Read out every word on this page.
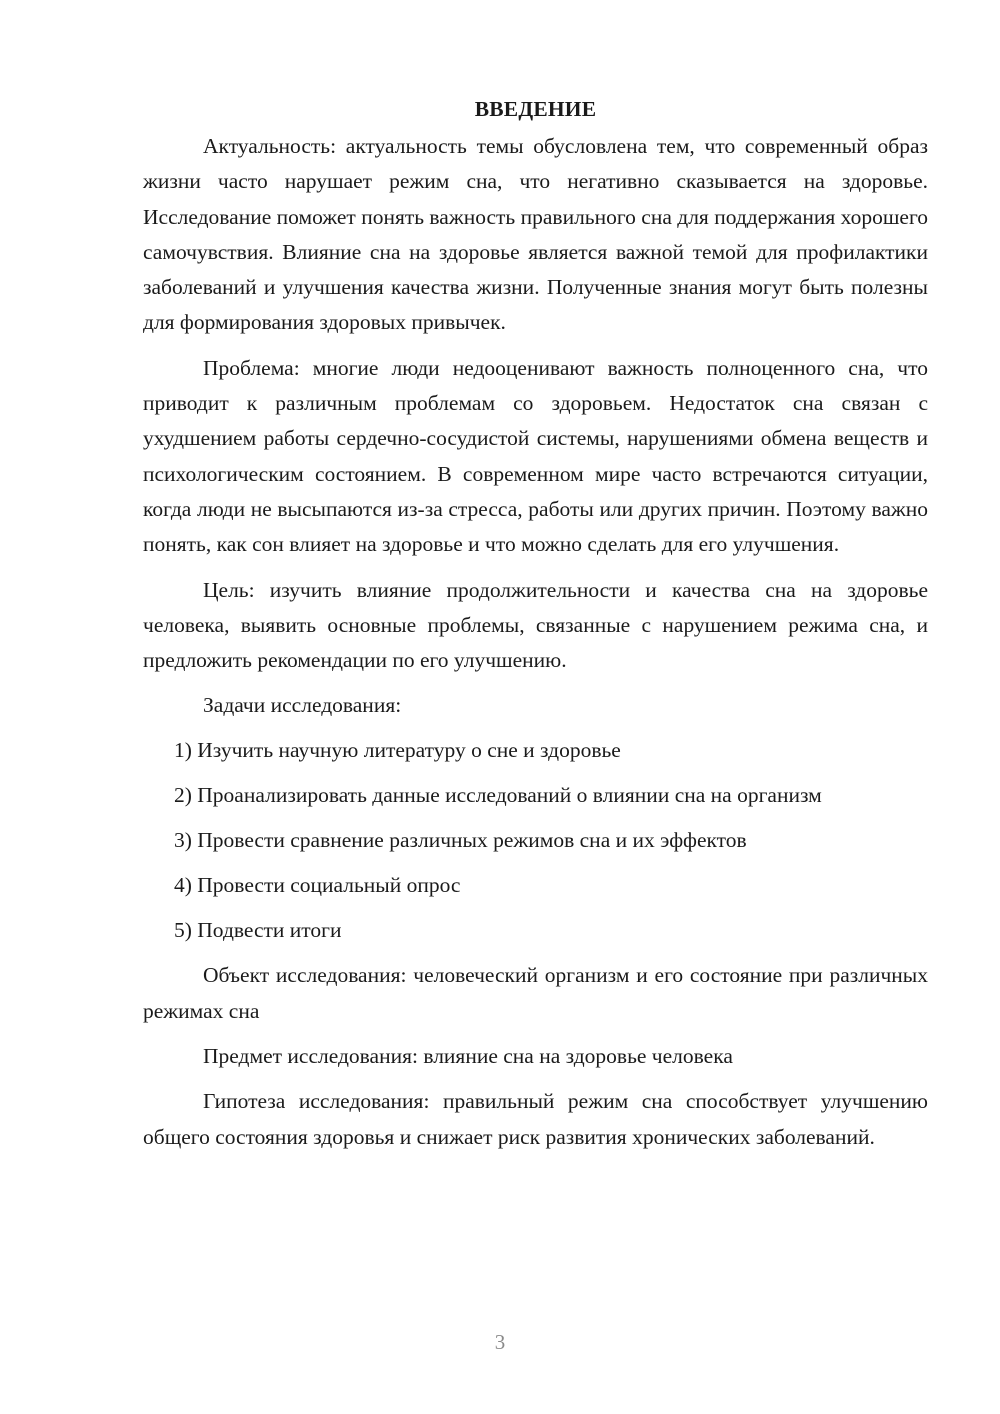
ВВЕДЕНИЕ

Актуальность: актуальность темы обусловлена тем, что современный образ жизни часто нарушает режим сна, что негативно сказывается на здоровье. Исследование поможет понять важность правильного сна для поддержания хорошего самочувствия. Влияние сна на здоровье является важной темой для профилактики заболеваний и улучшения качества жизни. Полученные знания могут быть полезны для формирования здоровых привычек.

Проблема: многие люди недооценивают важность полноценного сна, что приводит к различным проблемам со здоровьем. Недостаток сна связан с ухудшением работы сердечно-сосудистой системы, нарушениями обмена веществ и психологическим состоянием. В современном мире часто встречаются ситуации, когда люди не высыпаются из-за стресса, работы или других причин. Поэтому важно понять, как сон влияет на здоровье и что можно сделать для его улучшения.

Цель: изучить влияние продолжительности и качества сна на здоровье человека, выявить основные проблемы, связанные с нарушением режима сна, и предложить рекомендации по его улучшению.

Задачи исследования:

1) Изучить научную литературу о сне и здоровье
2) Проанализировать данные исследований о влиянии сна на организм
3) Провести сравнение различных режимов сна и их эффектов
4) Провести социальный опрос
5) Подвести итоги

Объект исследования: человеческий организм и его состояние при различных режимах сна

Предмет исследования: влияние сна на здоровье человека

Гипотеза исследования: правильный режим сна способствует улучшению общего состояния здоровья и снижает риск развития хронических заболеваний.

3
